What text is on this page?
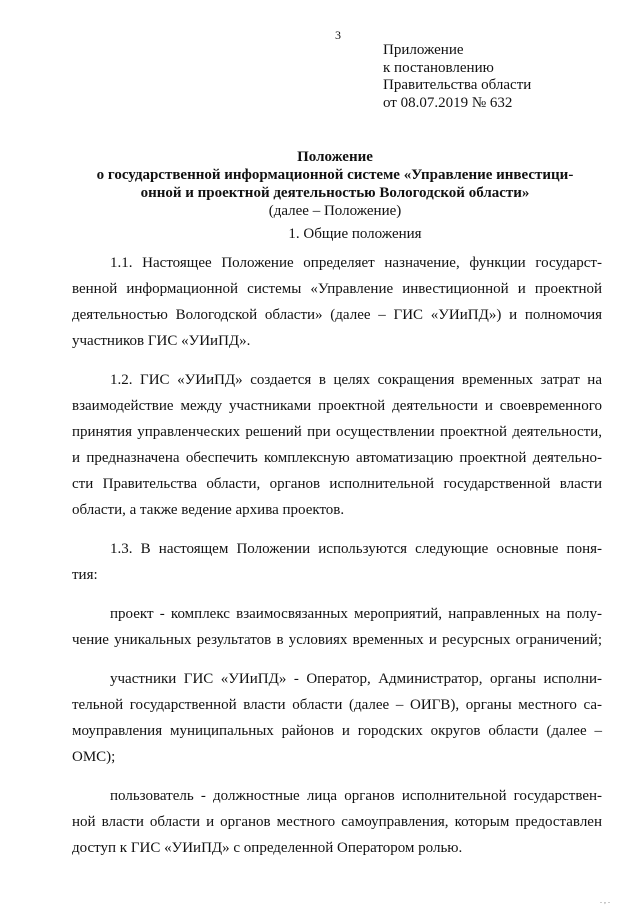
3
Приложение
к постановлению
Правительства области
от 08.07.2019 № 632
Положение
о государственной информационной системе «Управление инвестици-
онной и проектной деятельностью Вологодской области»
(далее – Положение)
1. Общие положения
1.1. Настоящее Положение определяет назначение, функции государст-
венной информационной системы «Управление инвестиционной и проектной
деятельностью Вологодской области» (далее – ГИС «УИиПД») и полномочия
участников ГИС «УИиПД».
1.2. ГИС «УИиПД» создается в целях сокращения временных затрат на
взаимодействие между участниками проектной деятельности и своевременного
принятия управленческих решений при осуществлении проектной деятельности,
и предназначена обеспечить комплексную автоматизацию проектной деятельно-
сти Правительства области, органов исполнительной государственной власти
области, а также ведение архива проектов.
1.3. В настоящем Положении используются следующие основные поня-
тия:
проект - комплекс взаимосвязанных мероприятий, направленных на полу-
чение уникальных результатов в условиях временных и ресурсных ограничений;
участники ГИС «УИиПД» - Оператор, Администратор, органы исполни-
тельной государственной власти области (далее – ОИГВ), органы местного са-
моуправления муниципальных районов и городских округов области (далее –
ОМС);
пользователь - должностные лица органов исполнительной государствен-
ной власти области и органов местного самоуправления, которым предоставлен
доступ к ГИС «УИиПД» с определенной Оператором ролью.
. , .
